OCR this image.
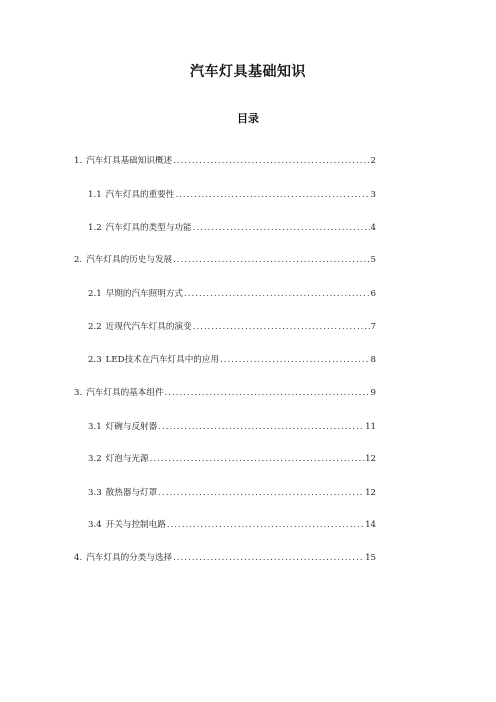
汽车灯具基础知识
目录
1. 汽车灯具基础知识概述 .....	2
1.1 汽车灯具的重要性 .....	3
1.2 汽车灯具的类型与功能 .....	4
2. 汽车灯具的历史与发展 .....	5
2.1 早期的汽车照明方式 .....	6
2.2 近现代汽车灯具的演变 .....	7
2.3 LED技术在汽车灯具中的应用 .....	8
3. 汽车灯具的基本组件 .....	9
3.1 灯碗与反射器 .....	11
3.2 灯泡与光源 .....	12
3.3 散热器与灯罩 .....	12
3.4 开关与控制电路 .....	14
4. 汽车灯具的分类与选择 .....	15
